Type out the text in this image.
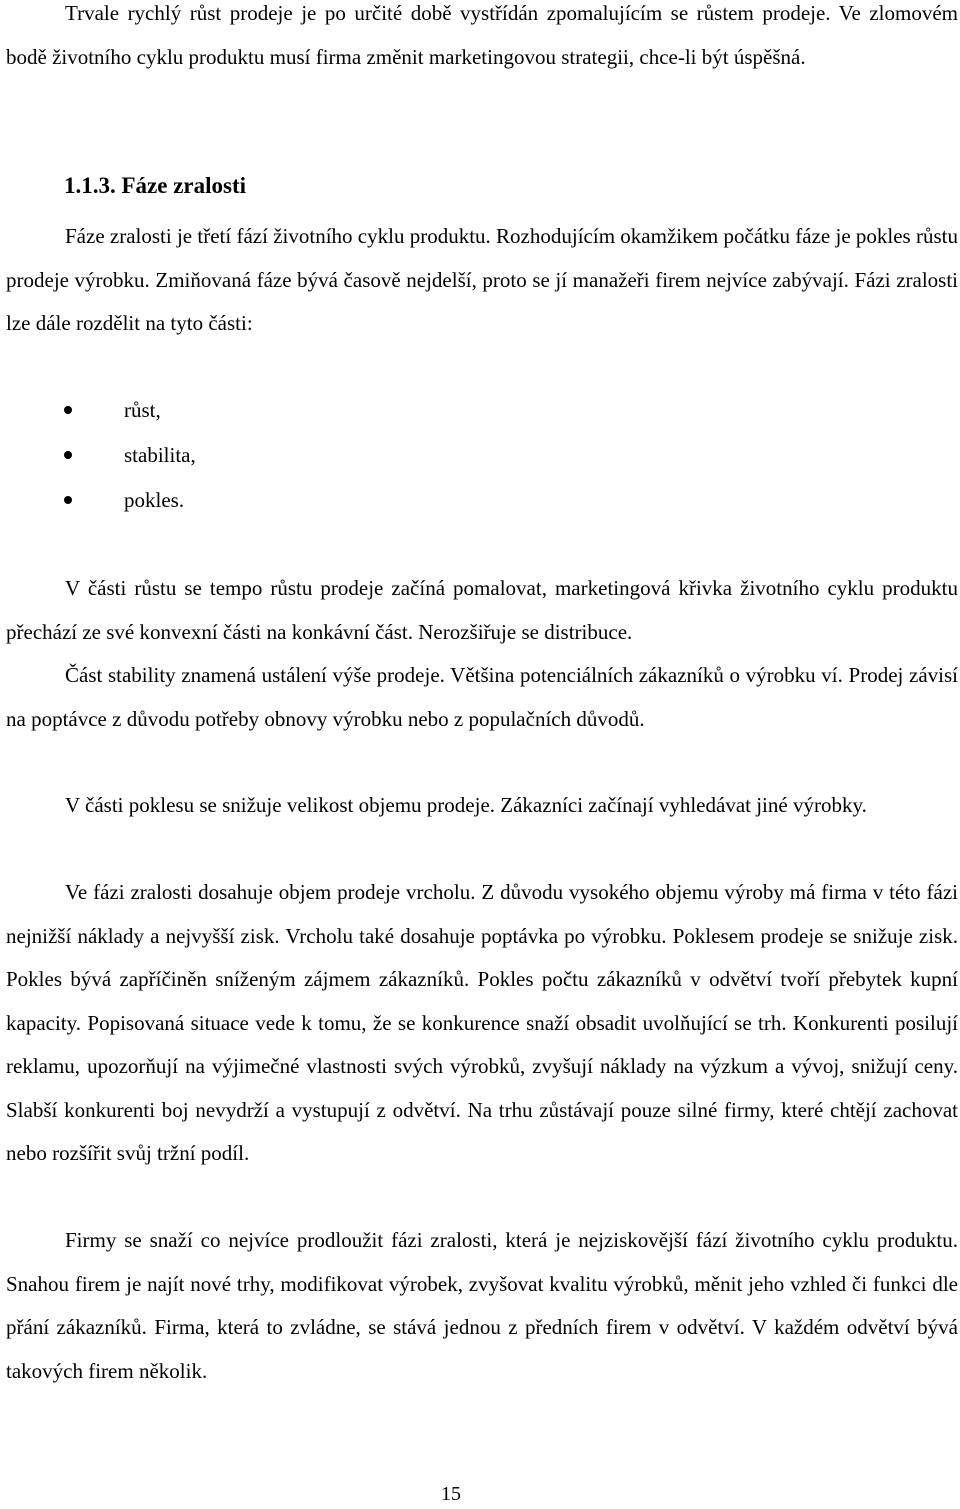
Trvale rychlý růst prodeje je po určité době vystřídán zpomalujícím se růstem prodeje. Ve zlomovém bodě životního cyklu produktu musí firma změnit marketingovou strategii, chce-li být úspěšná.

1.1.3. Fáze zralosti

Fáze zralosti je třetí fází životního cyklu produktu. Rozhodujícím okamžikem počátku fáze je pokles růstu prodeje výrobku. Zmiňovaná fáze bývá časově nejdelší, proto se jí manažeři firem nejvíce zabývají. Fázi zralosti lze dále rozdělit na tyto části:

růst,
stabilita,
pokles.

V části růstu se tempo růstu prodeje začíná pomalovat, marketingová křivka životního cyklu produktu přechází ze své konvexní části na konkávní část. Nerozšiřuje se distribuce.

Část stability znamená ustálení výše prodeje. Většina potenciálních zákazníků o výrobku ví. Prodej závisí na poptávce z důvodu potřeby obnovy výrobku nebo z populačních důvodů.

V části poklesu se snižuje velikost objemu prodeje. Zákazníci začínají vyhledávat jiné výrobky.

Ve fázi zralosti dosahuje objem prodeje vrcholu. Z důvodu vysokého objemu výroby má firma v této fázi nejnižší náklady a nejvyšší zisk. Vrcholu také dosahuje poptávka po výrobku. Poklesem prodeje se snižuje zisk. Pokles bývá zapříčiněn sníženým zájmem zákazníků. Pokles počtu zákazníků v odvětví tvoří přebytek kupní kapacity. Popisovaná situace vede k tomu, že se konkurence snaží obsadit uvolňující se trh. Konkurenti posilují reklamu, upozorňují na výjimečné vlastnosti svých výrobků, zvyšují náklady na výzkum a vývoj, snižují ceny. Slabší konkurenti boj nevydrží a vystupují z odvětví. Na trhu zůstávají pouze silné firmy, které chtějí zachovat nebo rozšířit svůj tržní podíl.

Firmy se snaží co nejvíce prodloužit fázi zralosti, která je nejziskovější fází životního cyklu produktu. Snahou firem je najít nové trhy, modifikovat výrobek, zvyšovat kvalitu výrobků, měnit jeho vzhled či funkci dle přání zákazníků. Firma, která to zvládne, se stává jednou z předních firem v odvětví. V každém odvětví bývá takových firem několik.

15
